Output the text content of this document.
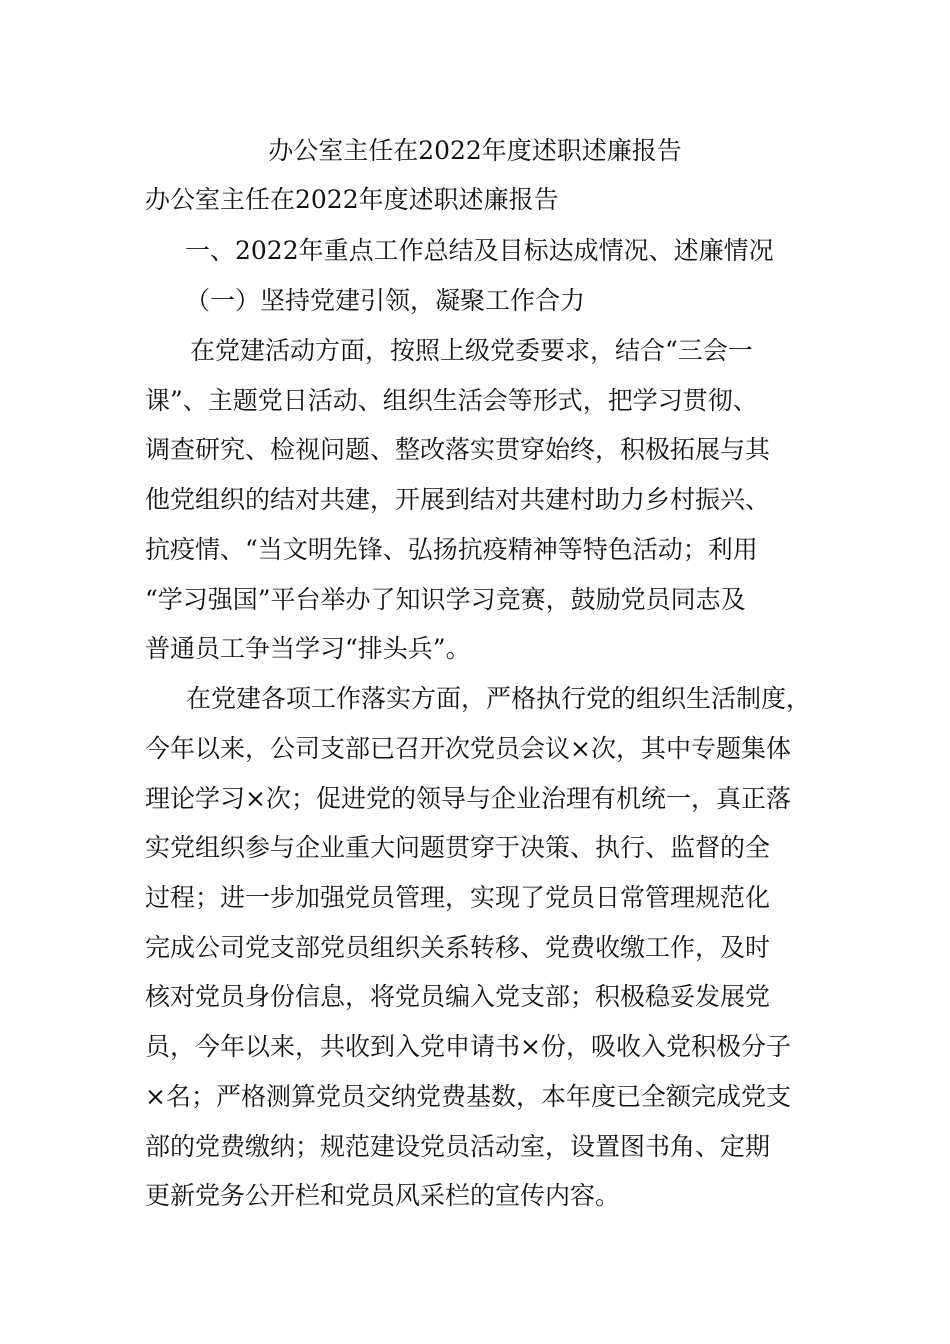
办公室主任在2022年度述职述廉报告
办公室主任在2022年度述职述廉报告
一、2022年重点工作总结及目标达成情况、述廉情况
（一）坚持党建引领，凝聚工作合力
在党建活动方面，按照上级党委要求，结合“三会一
课”、主题党日活动、组织生活会等形式，把学习贯彻、
调查研究、检视问题、整改落实贯穿始终，积极拓展与其
他党组织的结对共建，开展到结对共建村助力乡村振兴、
抗疫情、“当文明先锋、弘扬抗疫精神等特色活动；利用
“学习强国”平台举办了知识学习竞赛，鼓励党员同志及
普通员工争当学习“排头兵”。
在党建各项工作落实方面，严格执行党的组织生活制度，
今年以来，公司支部已召开次党员会议×次，其中专题集体
理论学习×次；促进党的领导与企业治理有机统一，真正落
实党组织参与企业重大问题贯穿于决策、执行、监督的全
过程；进一步加强党员管理，实现了党员日常管理规范化
完成公司党支部党员组织关系转移、党费收缴工作，及时
核对党员身份信息，将党员编入党支部；积极稳妥发展党
员，今年以来，共收到入党申请书×份，吸收入党积极分子
×名；严格测算党员交纳党费基数，本年度已全额完成党支
部的党费缴纳；规范建设党员活动室，设置图书角、定期
更新党务公开栏和党员风采栏的宣传内容。
